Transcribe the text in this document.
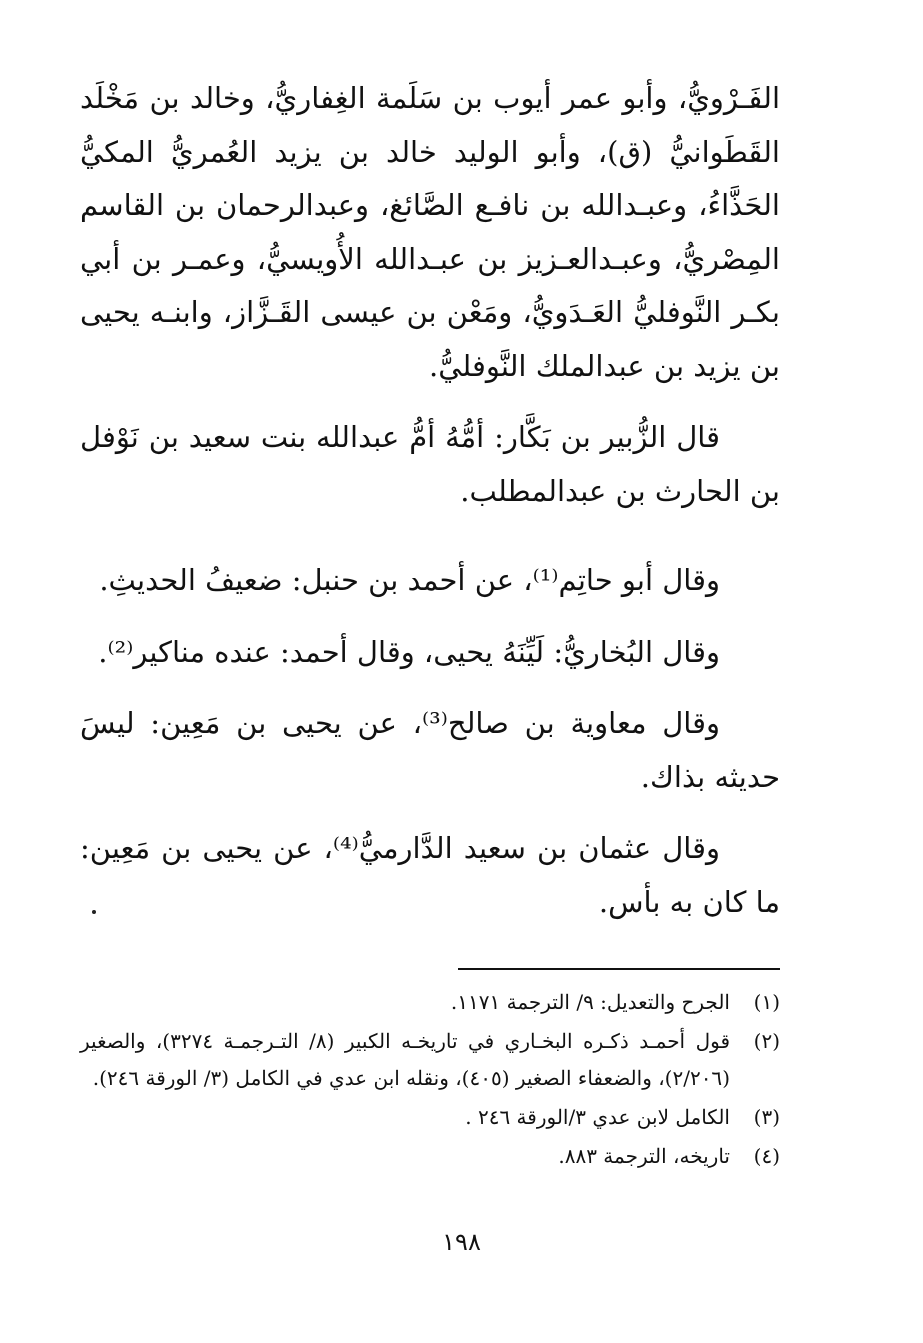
الفَـرْويُّ، وأبو عمر أيوب بن سَلَمة الغِفاريُّ، وخالد بن مَخْلَد القَطَوانيُّ (ق)، وأبو الوليد خالد بن يزيد العُمريُّ المكيُّ الحَذَّاءُ، وعبـدالله بن نافـع الصَّائغ، وعبدالرحمان بن القاسم المِصْريُّ، وعبـدالعـزيز بن عبـدالله الأُويسيُّ، وعمـر بن أبي بكـر النَّوفليُّ العَـدَويُّ، ومَعْن بن عيسى القَـزَّاز، وابنـه يحيى بن يزيد بن عبدالملك النَّوفليُّ.

قال الزُّبير بن بَكَّار: أمُّهُ أمُّ عبدالله بنت سعيد بن نَوْفل بن الحارث بن عبدالمطلب.

وقال أبو حاتِم⁽¹⁾، عن أحمد بن حنبل: ضعيفُ الحديثِ.

وقال البُخاريُّ: لَيِّنَهُ يحيى، وقال أحمد: عنده مناكير⁽²⁾.

وقال معاوية بن صالح⁽³⁾، عن يحيى بن مَعِين: ليسَ حديثه بذاك.

وقال عثمان بن سعيد الدَّارميُّ⁽⁴⁾، عن يحيى بن مَعِين: ما كان به بأس.

(١)
الجرح والتعديل: ٩/ الترجمة ١١٧١.
(٢)
قول أحمـد ذكـره البخـاري في تاريخـه الكبير (٨/ التـرجمـة ٣٢٧٤)، والصغير (٢/٢٠٦)، والضعفاء الصغير (٤٠٥)، ونقله ابن عدي في الكامل (٣/ الورقة ٢٤٦).
(٣)
الكامل لابن عدي ٣/الورقة ٢٤٦ .
(٤)
تاريخه، الترجمة ٨٨٣.
١٩٨
